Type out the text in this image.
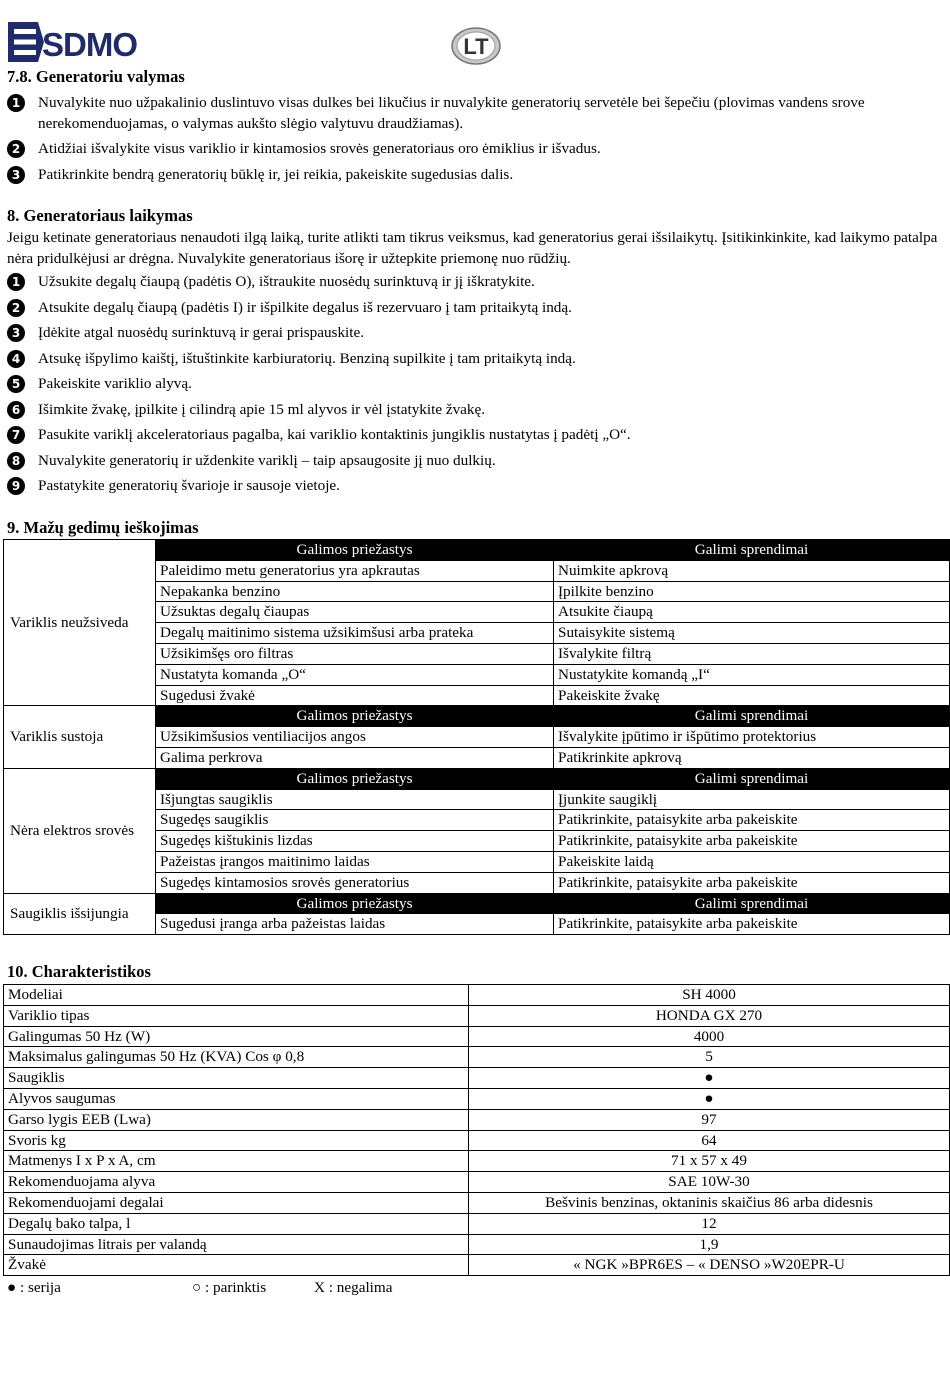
SDMO	LT
7.8. Generatoriu valymas
1	Nuvalykite nuo užpakalinio duslintuvo visas dulkes bei likučius ir nuvalykite generatorių servetėle bei šepečiu (plovimas vandens srove nerekomenduojamas, o valymas aukšto slėgio valytuvu draudžiamas).
2	Atidžiai išvalykite visus variklio ir kintamosios srovės generatoriaus oro ėmiklius ir išvadus.
3	Patikrinkite bendrą generatorių būklę ir, jei reikia, pakeiskite sugedusias dalis.
8. Generatoriaus laikymas

Jeigu ketinate generatoriaus nenaudoti ilgą laiką, turite atlikti tam tikrus veiksmus, kad generatorius gerai išsilaikytų. Įsitikinkinkite, kad laikymo patalpa nėra pridulkėjusi ar drėgna. Nuvalykite generatoriaus išorę ir užtepkite priemonę nuo rūdžių.

1	Užsukite degalų čiaupą (padėtis O), ištraukite nuosėdų surinktuvą ir jį iškratykite.
2	Atsukite degalų čiaupą (padėtis I) ir išpilkite degalus iš rezervuaro į tam pritaikytą indą.
3	Įdėkite atgal nuosėdų surinktuvą ir gerai prispauskite.
4	Atsukę išpylimo kaištį, ištuštinkite karbiuratorių. Benziną supilkite į tam pritaikytą indą.
5	Pakeiskite variklio alyvą.
6	Išimkite žvakę, įpilkite į cilindrą apie 15 ml alyvos ir vėl įstatykite žvakę.
7	Pasukite variklį akceleratoriaus pagalba, kai variklio kontaktinis jungiklis nustatytas į padėtį „O“.
8	Nuvalykite generatorių ir uždenkite variklį – taip apsaugosite jį nuo dulkių.
9	Pastatykite generatorių švarioje ir sausoje vietoje.
9. Mažų gedimų ieškojimas
Variklis neužsiveda	Galimos priežastys	Galimi sprendimai
	Paleidimo metu generatorius yra apkrautas	Nuimkite apkrovą
	Nepakanka benzino	Įpilkite benzino
	Užsuktas degalų čiaupas	Atsukite čiaupą
	Degalų maitinimo sistema užsikimšusi arba prateka	Sutaisykite sistemą
	Užsikimšęs oro filtras	Išvalykite filtrą
	Nustatyta komanda „O“	Nustatykite komandą „I“
	Sugedusi žvakė	Pakeiskite žvakę
Variklis sustoja	Galimos priežastys	Galimi sprendimai
	Užsikimšusios ventiliacijos angos	Išvalykite įpūtimo ir išpūtimo protektorius
	Galima perkrova	Patikrinkite apkrovą
Nėra elektros srovės	Galimos priežastys	Galimi sprendimai
	Išjungtas saugiklis	Įjunkite saugiklį
	Sugedęs saugiklis	Patikrinkite, pataisykite arba pakeiskite
	Sugedęs kištukinis lizdas	Patikrinkite, pataisykite arba pakeiskite
	Pažeistas įrangos maitinimo laidas	Pakeiskite laidą
	Sugedęs kintamosios srovės generatorius	Patikrinkite, pataisykite arba pakeiskite
Saugiklis išsijungia	Galimos priežastys	Galimi sprendimai
	Sugedusi įranga arba pažeistas laidas	Patikrinkite, pataisykite arba pakeiskite
10. Charakteristikos
Modeliai	SH 4000
Variklio tipas	HONDA GX 270
Galingumas 50 Hz (W)	4000
Maksimalus galingumas 50 Hz (KVA) Cos φ 0,8	5
Saugiklis	●
Alyvos saugumas	●
Garso lygis EEB (Lwa)	97
Svoris kg	64
Matmenys I x P x A, cm	71 x 57 x 49
Rekomenduojama alyva	SAE 10W-30
Rekomenduojami degalai	Bešvinis benzinas, oktaninis skaičius 86 arba didesnis
Degalų bako talpa, l	12
Sunaudojimas litrais per valandą	1,9
Žvakė	« NGK »BPR6ES – « DENSO »W20EPR-U
● : serija	○ : parinktis	X : negalima
